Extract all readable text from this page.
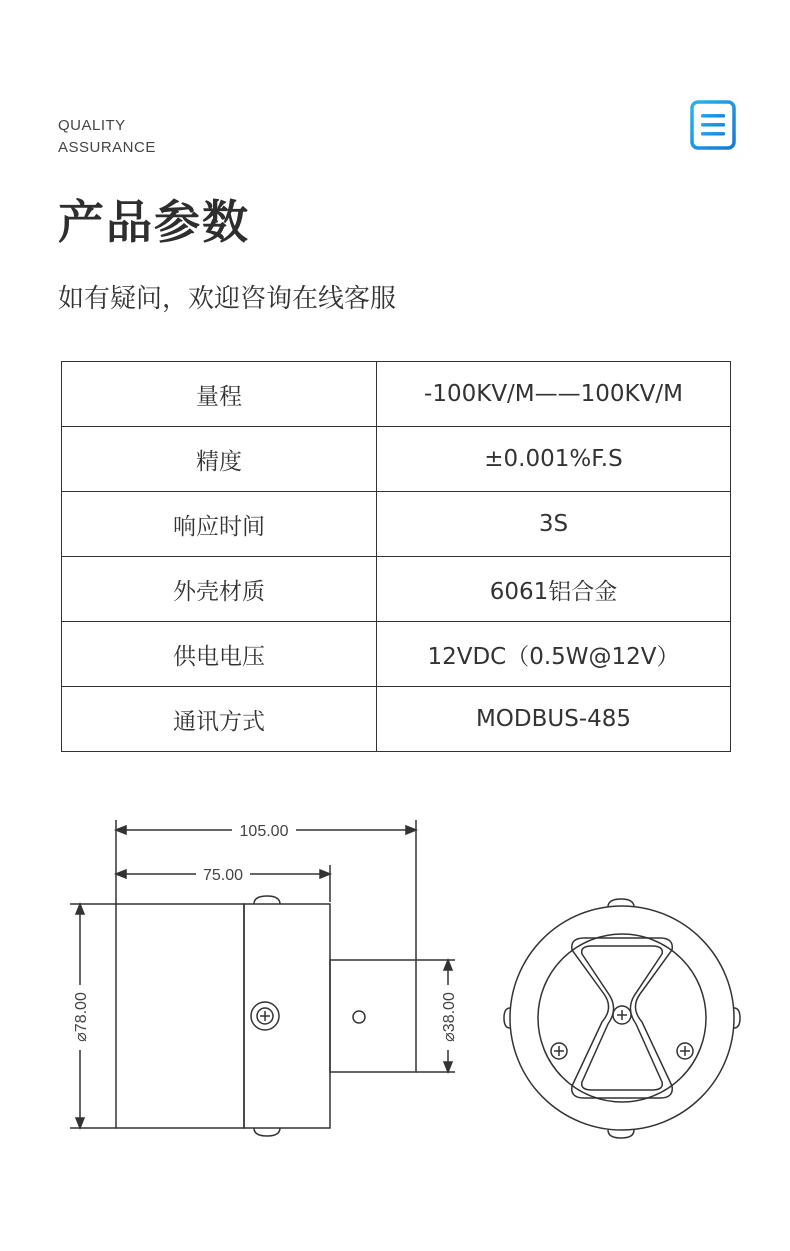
QUALITY
ASSURANCE
产品参数
如有疑问，欢迎咨询在线客服
量程	-100KV/M——100KV/M
精度	±0.001%F.S
响应时间	3S
外壳材质	6061铝合金
供电电压	12VDC（0.5W@12V）
通讯方式	MODBUS-485
105.00
75.00
⌀78.00	⌀38.00
